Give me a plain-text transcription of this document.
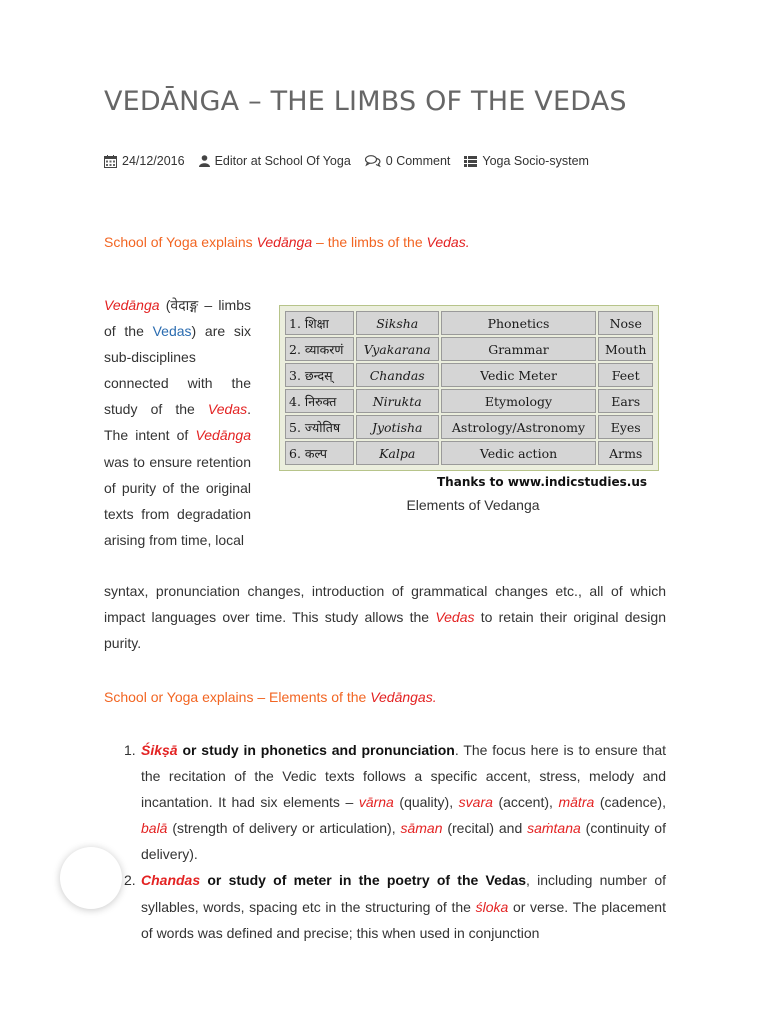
VEDĀNGA – THE LIMBS OF THE VEDAS
24/12/2016 Editor at School Of Yoga	0 Comment	Yoga Socio-system
School of Yoga explains Vedānga – the limbs of the Vedas.
Vedānga (वेदाङ्ग – limbs of the Vedas) are six sub-disciplines connected with the study of the Vedas. The intent of Vedānga was to ensure retention of purity of the original texts from degradation arising from time, local
syntax, pronunciation changes, introduction of grammatical changes etc., all of which impact languages over time. This study allows the Vedas to retain their original design purity.
1. शिक्षा	Siksha	Phonetics	Nose
2. व्याकरणं	Vyakarana	Grammar	Mouth
3. छन्दस्	Chandas	Vedic Meter	Feet
4. निरुक्त	Nirukta	Etymology	Ears
5. ज्योतिष	Jyotisha	Astrology/Astronomy	Eyes
6. कल्प	Kalpa	Vedic action	Arms
Thanks to www.indicstudies.us
Elements of Vedanga
School or Yoga explains – Elements of the Vedāngas.
1. Śikṣā or study in phonetics and pronunciation. The focus here is to ensure that the recitation of the Vedic texts follows a specific accent, stress, melody and incantation. It had six elements – vārna (quality), svara (accent), mātra (cadence), balā (strength of delivery or articulation), sāman (recital) and saṁtana (continuity of delivery).
2. Chandas or study of meter in the poetry of the Vedas, including number of syllables, words, spacing etc in the structuring of the śloka or verse. The placement of words was defined and precise; this when used in conjunction
